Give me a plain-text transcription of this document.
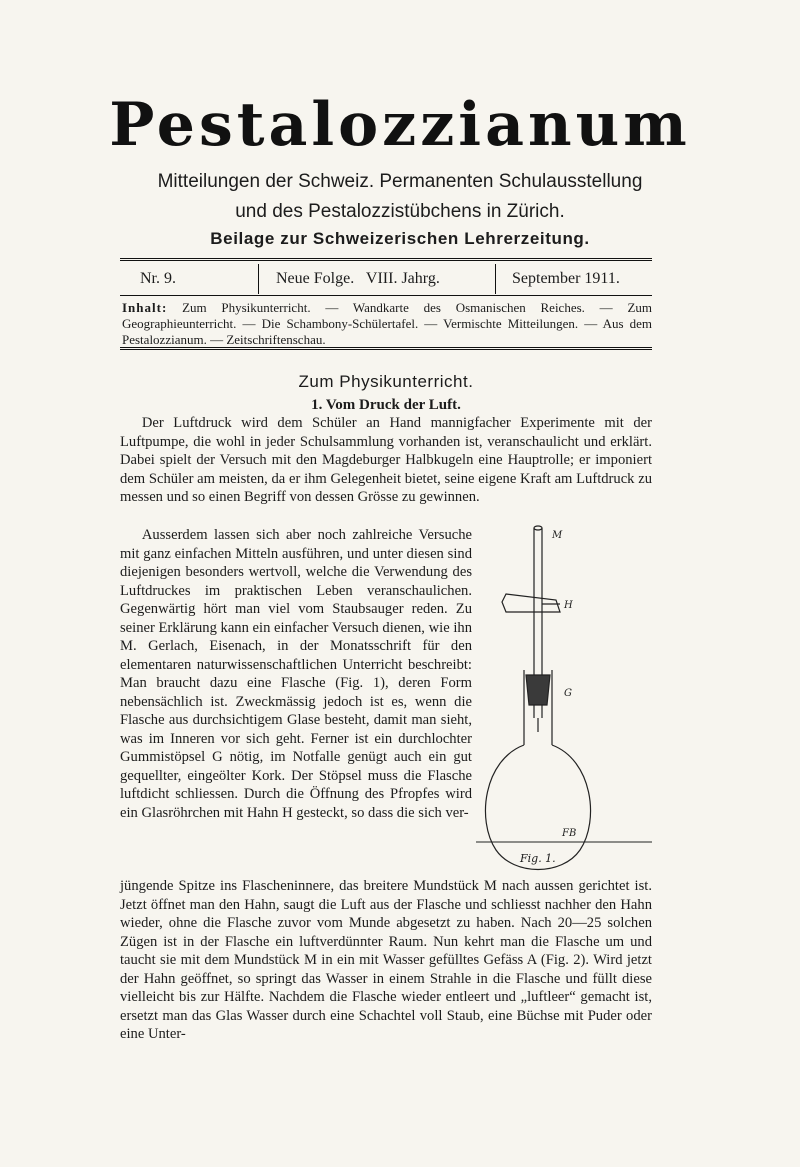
Pestalozzianum
Mitteilungen der Schweiz. Permanenten Schulausstellung
und des Pestalozzistübchens in Zürich.
Beilage zur Schweizerischen Lehrerzeitung.
Nr. 9.	Neue Folge.   VIII. Jahrg.	September 1911.
Inhalt: Zum Physikunterricht. — Wandkarte des Osmanischen Reiches. — Zum Geographieunterricht. — Die Schambony-Schülertafel. — Vermischte Mitteilungen. — Aus dem Pestalozzianum. — Zeitschriftenschau.
Zum Physikunterricht.
1. Vom Druck der Luft.

Der Luftdruck wird dem Schüler an Hand mannigfacher Experimente mit der Luftpumpe, die wohl in jeder Schulsammlung vorhanden ist, veranschaulicht und erklärt. Dabei spielt der Versuch mit den Magdeburger Halbkugeln eine Hauptrolle; er imponiert dem Schüler am meisten, da er ihm Gelegenheit bietet, seine eigene Kraft am Luftdruck zu messen und so einen Begriff von dessen Grösse zu gewinnen.

Ausserdem lassen sich aber noch zahlreiche Versuche mit ganz einfachen Mitteln ausführen, und unter diesen sind diejenigen besonders wertvoll, welche die Verwendung des Luftdruckes im praktischen Leben veranschaulichen. Gegenwärtig hört man viel vom Staubsauger reden. Zu seiner Erklärung kann ein einfacher Versuch dienen, wie ihn M. Gerlach, Eisenach, in der Monatsschrift für den elementaren naturwissenschaftlichen Unterricht beschreibt: Man braucht dazu eine Flasche (Fig. 1), deren Form nebensächlich ist. Zweckmässig jedoch ist es, wenn die Flasche aus durchsichtigem Glase besteht, damit man sieht, was im Inneren vor sich geht. Ferner ist ein durchlochter Gummistöpsel G nötig, im Notfalle genügt auch ein gut gequellter, eingeölter Kork. Der Stöpsel muss die Flasche luftdicht schliessen. Durch die Öffnung des Pfropfes wird ein Glasröhrchen mit Hahn H gesteckt, so dass die sich ver-

jüngende Spitze ins Flascheninnere, das breitere Mundstück M nach aussen gerichtet ist. Jetzt öffnet man den Hahn, saugt die Luft aus der Flasche und schliesst nachher den Hahn wieder, ohne die Flasche zuvor vom Munde abgesetzt zu haben. Nach 20—25 solchen Zügen ist in der Flasche ein luftverdünnter Raum. Nun kehrt man die Flasche um und taucht sie mit dem Mundstück M in ein mit Wasser gefülltes Gefäss A (Fig. 2). Wird jetzt der Hahn geöffnet, so springt das Wasser in einem Strahle in die Flasche und füllt diese vielleicht bis zur Hälfte. Nachdem die Flasche wieder entleert und „luftleer“ gemacht ist, ersetzt man das Glas Wasser durch eine Schachtel voll Staub, eine Büchse mit Puder oder eine Unter-

M
H
G
FB
Fig. 1.
